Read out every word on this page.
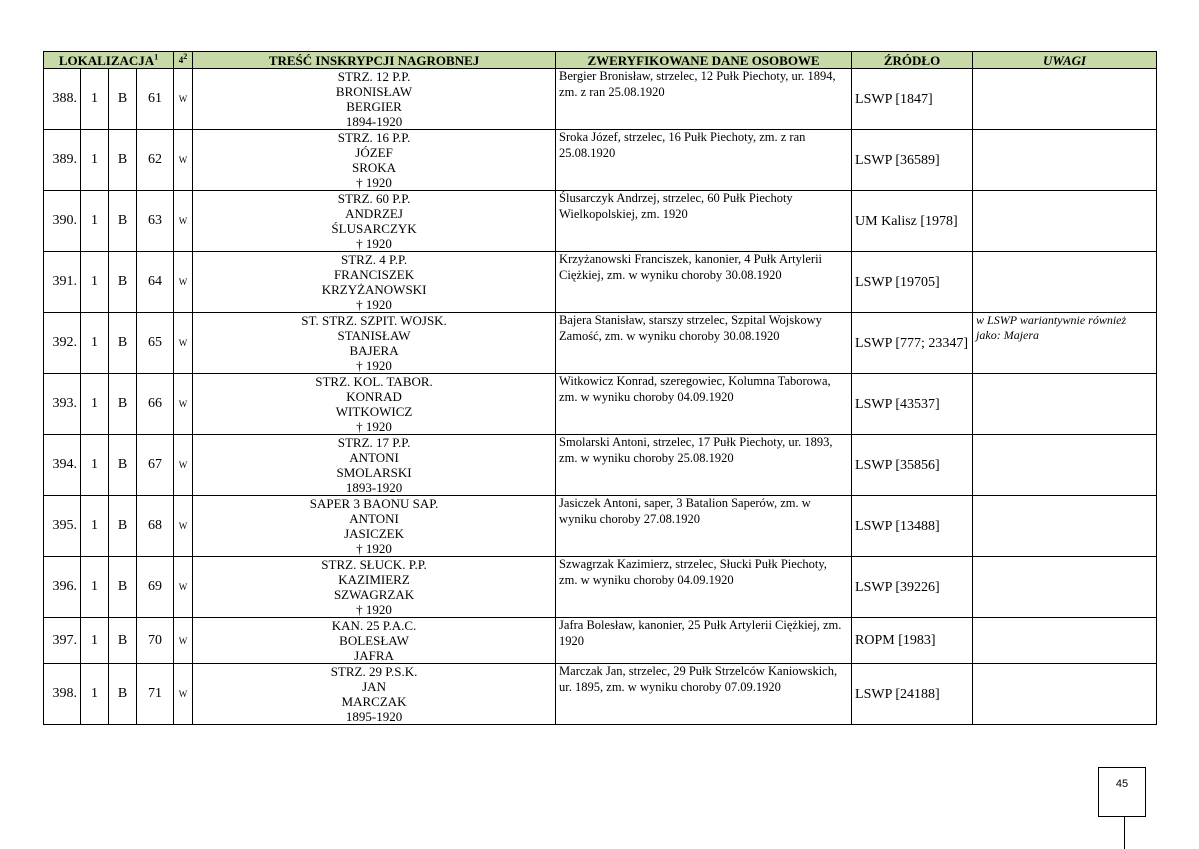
LOKALIZACJA$^1$				42	TREŚĆ INSKRYPCJI NAGROBNEJ	ZWERYFIKOWANE DANE OSOBOWE	ŹRÓDŁO	UWAGI
388.	1	B	61	W	STRZ. 12 P.P.
BRONISŁAW
BERGIER
1894-1920	Bergier Bronisław, strzelec, 12 Pułk Piechoty, ur. 1894, zm. z ran 25.08.1920	LSWP [1847]	
389.	1	B	62	W	STRZ. 16 P.P.
JÓZEF
SROKA
† 1920	Sroka Józef, strzelec, 16 Pułk Piechoty, zm. z ran 25.08.1920	LSWP [36589]	
390.	1	B	63	W	STRZ. 60 P.P.
ANDRZEJ
ŚLUSARCZYK
† 1920	Ślusarczyk Andrzej, strzelec, 60 Pułk Piechoty Wielkopolskiej, zm. 1920	UM Kalisz [1978]	
391.	1	B	64	W	STRZ. 4 P.P.
FRANCISZEK
KRZYŻANOWSKI
† 1920	Krzyżanowski Franciszek, kanonier, 4 Pułk Artylerii Ciężkiej, zm. w wyniku choroby 30.08.1920	LSWP [19705]	
392.	1	B	65	W	ST. STRZ. SZPIT. WOJSK.
STANISŁAW
BAJERA
† 1920	Bajera Stanisław, starszy strzelec, Szpital Wojskowy Zamość, zm. w wyniku choroby 30.08.1920	LSWP [777; 23347]	w LSWP wariantywnie również jako: Majera
393.	1	B	66	W	STRZ. KOL. TABOR.
KONRAD
WITKOWICZ
† 1920	Witkowicz Konrad, szeregowiec, Kolumna Taborowa, zm. w wyniku choroby 04.09.1920	LSWP [43537]	
394.	1	B	67	W	STRZ. 17 P.P.
ANTONI
SMOLARSKI
1893-1920	Smolarski Antoni, strzelec, 17 Pułk Piechoty, ur. 1893, zm. w wyniku choroby 25.08.1920	LSWP [35856]	
395.	1	B	68	W	SAPER 3 BAONU SAP.
ANTONI
JASICZEK
† 1920	Jasiczek Antoni, saper, 3 Batalion Saperów, zm. w wyniku choroby 27.08.1920	LSWP [13488]	
396.	1	B	69	W	STRZ. SŁUCK. P.P.
KAZIMIERZ
SZWAGRZAK
† 1920	Szwagrzak Kazimierz, strzelec, Słucki Pułk Piechoty, zm. w wyniku choroby 04.09.1920	LSWP [39226]	
397.	1	B	70	W	KAN. 25 P.A.C.
BOLESŁAW
JAFRA	Jafra Bolesław, kanonier, 25 Pułk Artylerii Ciężkiej, zm. 1920	ROPM [1983]	
398.	1	B	71	W	STRZ. 29 P.S.K.
JAN
MARCZAK
1895-1920	Marczak Jan, strzelec, 29 Pułk Strzelców Kaniowskich, ur. 1895, zm. w wyniku choroby 07.09.1920	LSWP [24188]	
45
